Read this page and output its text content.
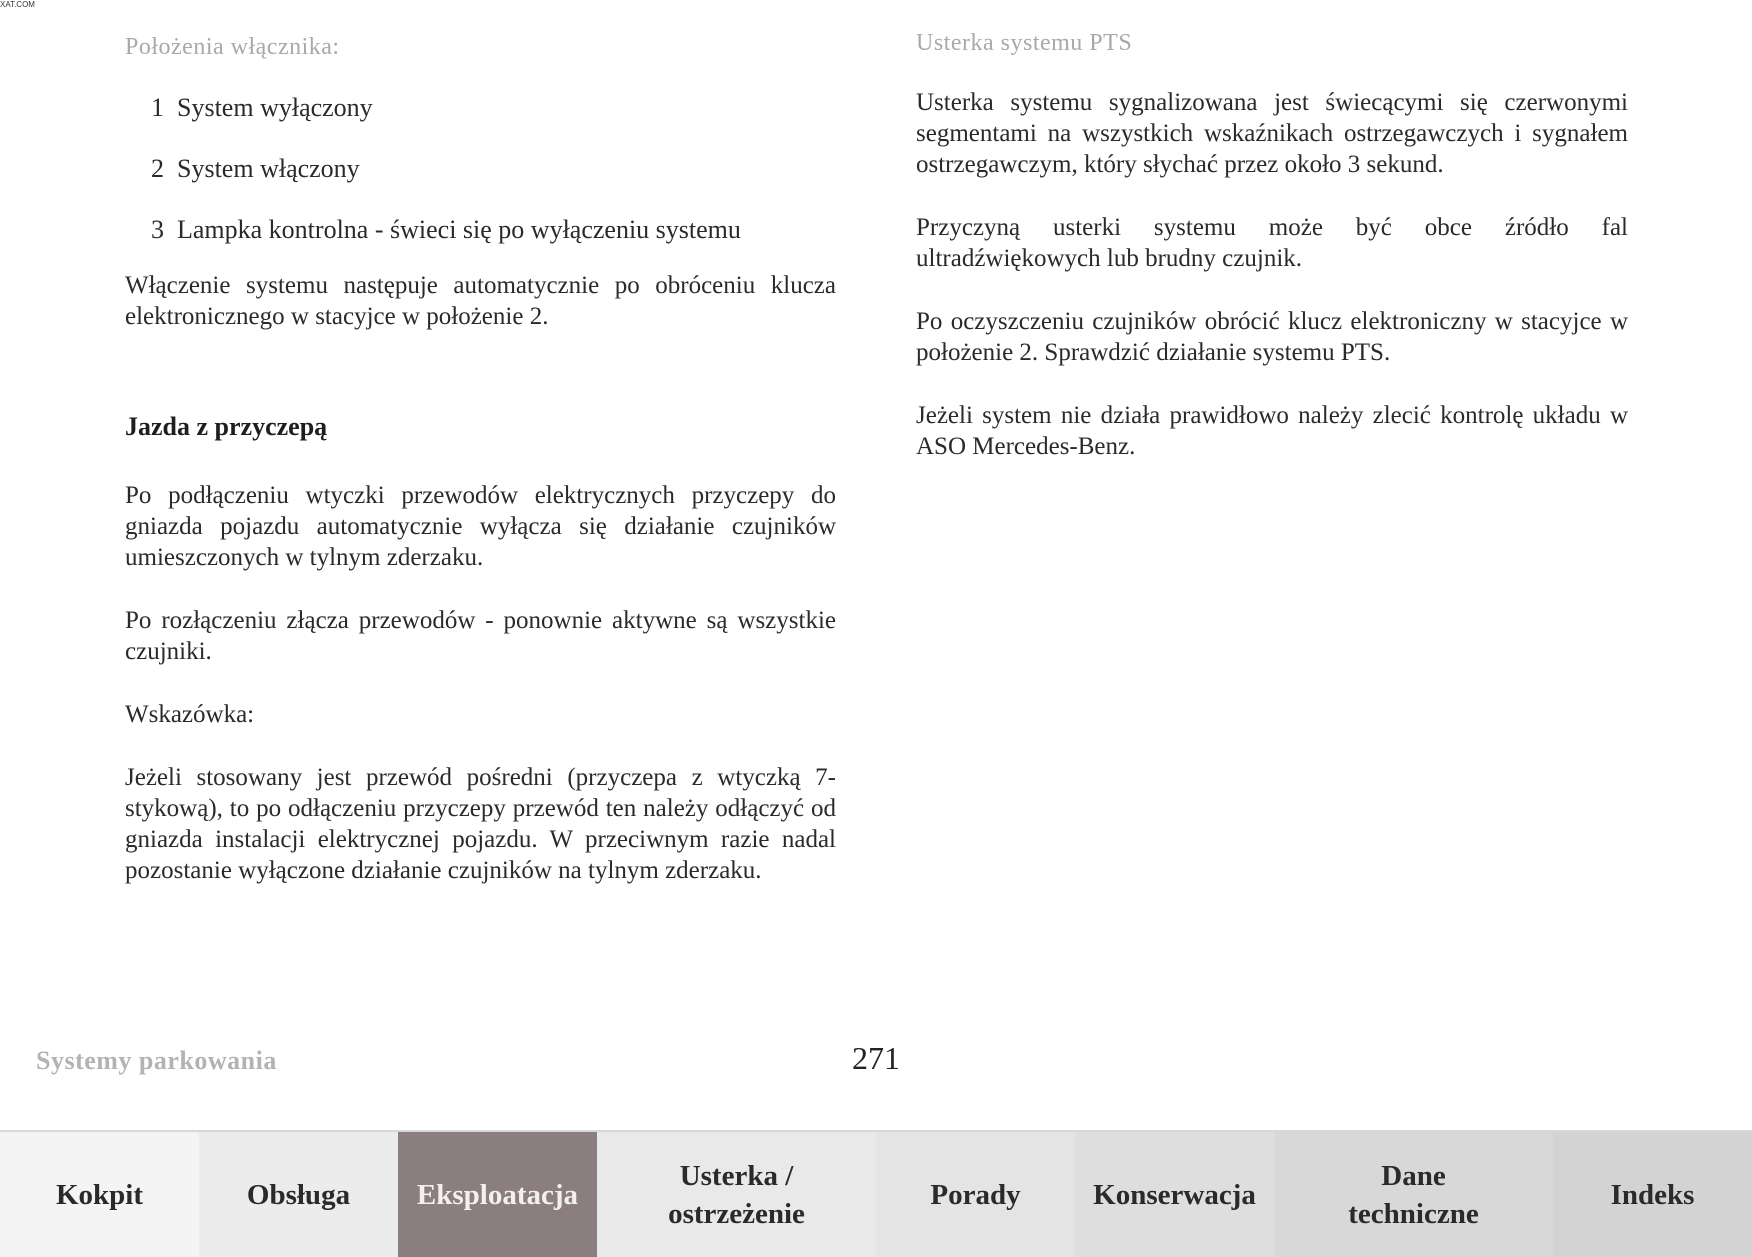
XAT.COM

Położenia włącznika:

1 System wyłączony
2 System włączony
3 Lampka kontrolna - świeci się po wyłączeniu systemu

Włączenie systemu następuje automatycznie po obróceniu klucza elektronicznego w stacyjce w położenie 2.

Jazda z przyczepą

Po podłączeniu wtyczki przewodów elektrycznych przyczepy do gniazda pojazdu automatycznie wyłącza się działanie czujników umieszczonych w tylnym zderzaku.

Po rozłączeniu złącza przewodów - ponownie aktywne są wszystkie czujniki.

Wskazówka:

Jeżeli stosowany jest przewód pośredni (przyczepa z wtyczką 7-stykową), to po odłączeniu przyczepy przewód ten należy odłączyć od gniazda instalacji elektrycznej pojazdu. W przeciwnym razie nadal pozostanie wyłączone działanie czujników na tylnym zderzaku.

Usterka systemu PTS

Usterka systemu sygnalizowana jest świecącymi się czerwonymi segmentami na wszystkich wskaźnikach ostrzegawczych i sygnałem ostrzegawczym, który słychać przez około 3 sekund.

Przyczyną usterki systemu może być obce źródło fal ultradźwiękowych lub brudny czujnik.

Po oczyszczeniu czujników obrócić klucz elektroniczny w stacyjce w położenie 2. Sprawdzić działanie systemu PTS.

Jeżeli system nie działa prawidłowo należy zlecić kontrolę układu w ASO Mercedes-Benz.

Systemy parkowania	271
Kokpit	Obsługa	Eksploatacja
Usterka / ostrzeżenie
Porady	Konserwacja
Dane techniczne
Indeks
